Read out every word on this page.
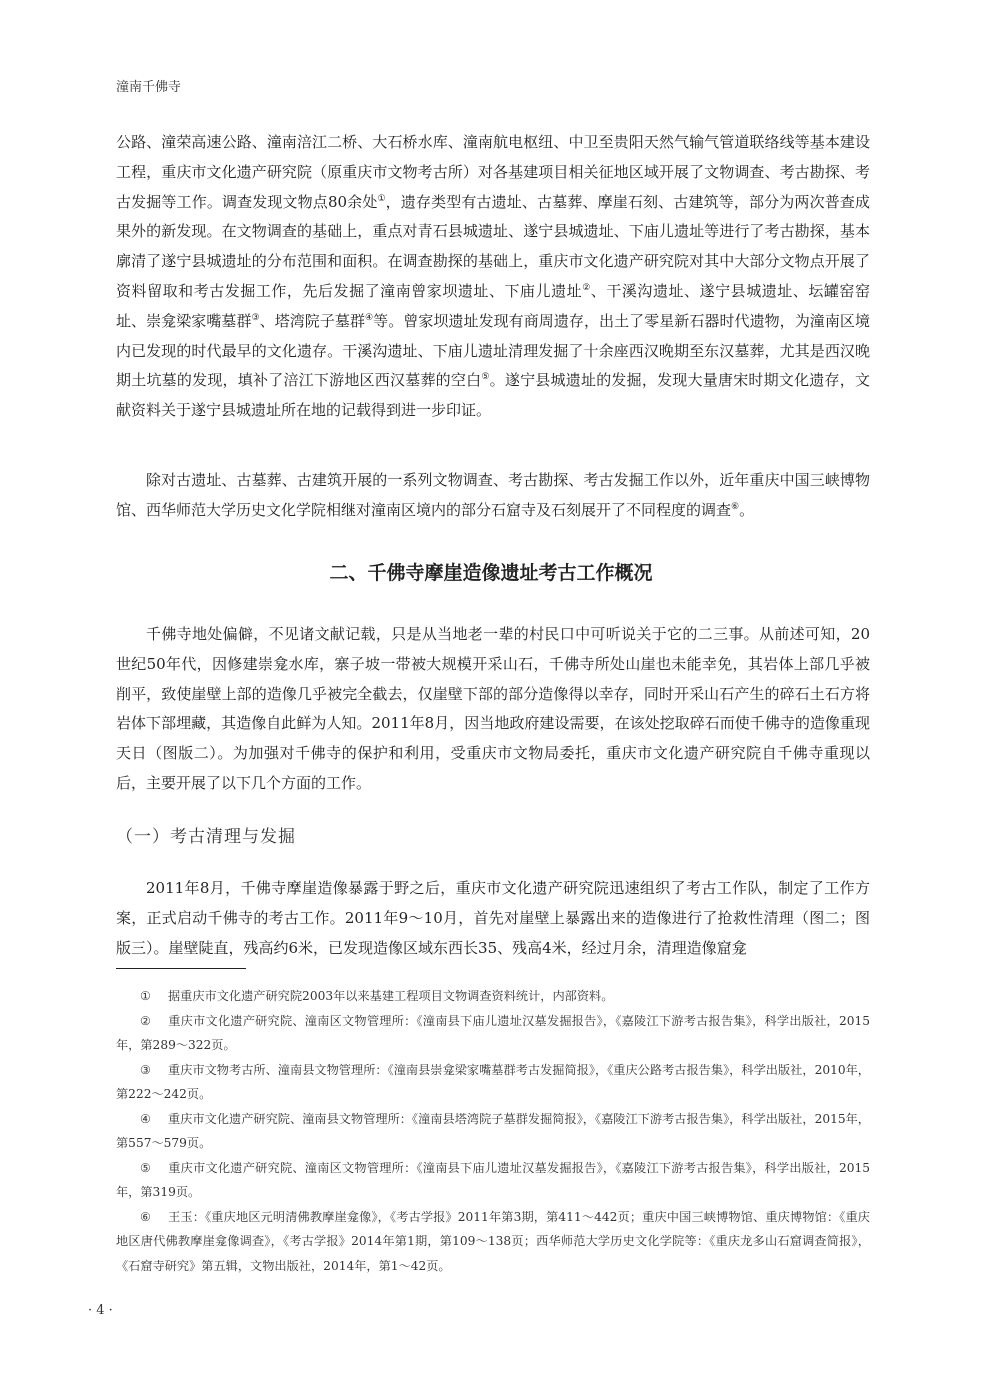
潼南千佛寺

公路、潼荣高速公路、潼南涪江二桥、大石桥水库、潼南航电枢纽、中卫至贵阳天然气输气管道联络线等基本建设工程，重庆市文化遗产研究院（原重庆市文物考古所）对各基建项目相关征地区域开展了文物调查、考古勘探、考古发掘等工作。调查发现文物点80余处①，遗存类型有古遗址、古墓葬、摩崖石刻、古建筑等，部分为两次普查成果外的新发现。在文物调查的基础上，重点对青石县城遗址、遂宁县城遗址、下庙儿遗址等进行了考古勘探，基本廓清了遂宁县城遗址的分布范围和面积。在调查勘探的基础上，重庆市文化遗产研究院对其中大部分文物点开展了资料留取和考古发掘工作，先后发掘了潼南曾家坝遗址、下庙儿遗址②、干溪沟遗址、遂宁县城遗址、坛罐窑窑址、崇龛梁家嘴墓群③、塔湾院子墓群④等。曾家坝遗址发现有商周遗存，出土了零星新石器时代遗物，为潼南区境内已发现的时代最早的文化遗存。干溪沟遗址、下庙儿遗址清理发掘了十余座西汉晚期至东汉墓葬，尤其是西汉晚期土坑墓的发现，填补了涪江下游地区西汉墓葬的空白⑤。遂宁县城遗址的发掘，发现大量唐宋时期文化遗存，文献资料关于遂宁县城遗址所在地的记载得到进一步印证。

除对古遗址、古墓葬、古建筑开展的一系列文物调查、考古勘探、考古发掘工作以外，近年重庆中国三峡博物馆、西华师范大学历史文化学院相继对潼南区境内的部分石窟寺及石刻展开了不同程度的调查⑥。

二、千佛寺摩崖造像遗址考古工作概况

千佛寺地处偏僻，不见诸文献记载，只是从当地老一辈的村民口中可听说关于它的二三事。从前述可知，20世纪50年代，因修建崇龛水库，寨子坡一带被大规模开采山石，千佛寺所处山崖也未能幸免，其岩体上部几乎被削平，致使崖壁上部的造像几乎被完全截去，仅崖壁下部的部分造像得以幸存，同时开采山石产生的碎石土石方将岩体下部埋藏，其造像自此鲜为人知。2011年8月，因当地政府建设需要，在该处挖取碎石而使千佛寺的造像重现天日（图版二）。为加强对千佛寺的保护和利用，受重庆市文物局委托，重庆市文化遗产研究院自千佛寺重现以后，主要开展了以下几个方面的工作。

（一）考古清理与发掘

2011年8月，千佛寺摩崖造像暴露于野之后，重庆市文化遗产研究院迅速组织了考古工作队，制定了工作方案，正式启动千佛寺的考古工作。2011年9～10月，首先对崖壁上暴露出来的造像进行了抢救性清理（图二；图版三）。崖壁陡直，残高约6米，已发现造像区域东西长35、残高4米，经过月余，清理造像窟龛

① 据重庆市文化遗产研究院2003年以来基建工程项目文物调查资料统计，内部资料。

② 重庆市文化遗产研究院、潼南区文物管理所：《潼南县下庙儿遗址汉墓发掘报告》，《嘉陵江下游考古报告集》，科学出版社，2015年，第289～322页。

③ 重庆市文物考古所、潼南县文物管理所：《潼南县崇龛梁家嘴墓群考古发掘简报》，《重庆公路考古报告集》，科学出版社，2010年，第222～242页。

④ 重庆市文化遗产研究院、潼南县文物管理所：《潼南县塔湾院子墓群发掘简报》，《嘉陵江下游考古报告集》，科学出版社，2015年，第557～579页。

⑤ 重庆市文化遗产研究院、潼南区文物管理所：《潼南县下庙儿遗址汉墓发掘报告》，《嘉陵江下游考古报告集》，科学出版社，2015年，第319页。

⑥ 王玉：《重庆地区元明清佛教摩崖龛像》，《考古学报》2011年第3期，第411～442页；重庆中国三峡博物馆、重庆博物馆：《重庆地区唐代佛教摩崖龛像调查》，《考古学报》2014年第1期，第109～138页；西华师范大学历史文化学院等：《重庆龙多山石窟调查简报》，《石窟寺研究》第五辑，文物出版社，2014年，第1～42页。

· 4 ·
